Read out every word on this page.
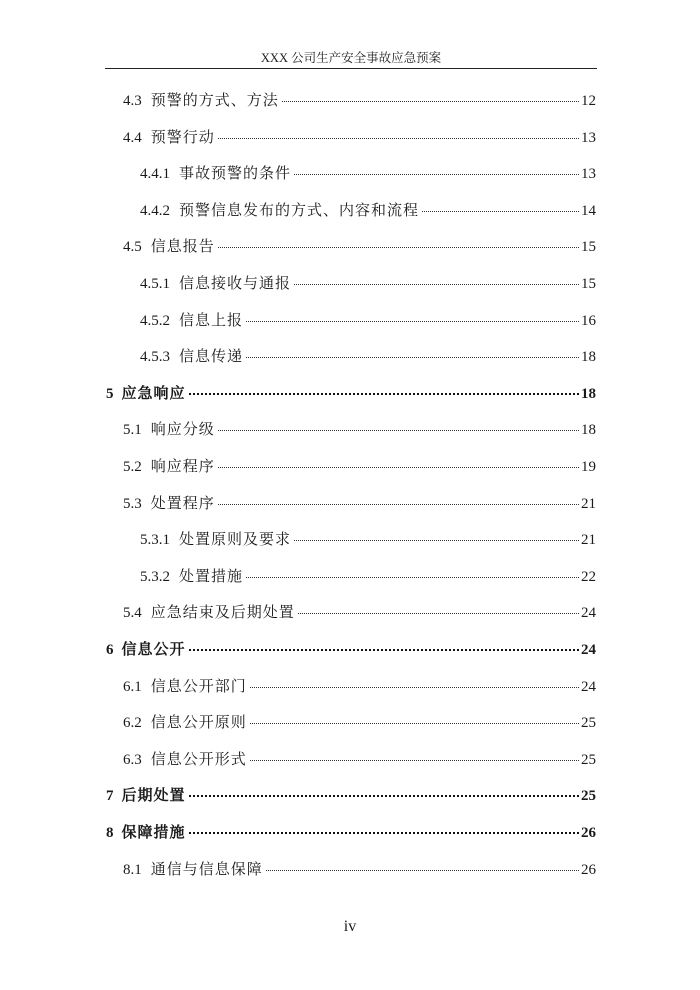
XXX 公司生产安全事故应急预案
4.3 预警的方式、方法	12
4.4 预警行动	13
4.4.1 事故预警的条件	13
4.4.2 预警信息发布的方式、内容和流程	14
4.5 信息报告	15
4.5.1 信息接收与通报	15
4.5.2 信息上报	16
4.5.3 信息传递	18
5 应急响应	18
5.1 响应分级	18
5.2 响应程序	19
5.3 处置程序	21
5.3.1 处置原则及要求	21
5.3.2 处置措施	22
5.4 应急结束及后期处置	24
6 信息公开	24
6.1 信息公开部门	24
6.2 信息公开原则	25
6.3 信息公开形式	25
7 后期处置	25
8 保障措施	26
8.1 通信与信息保障	26
iv
